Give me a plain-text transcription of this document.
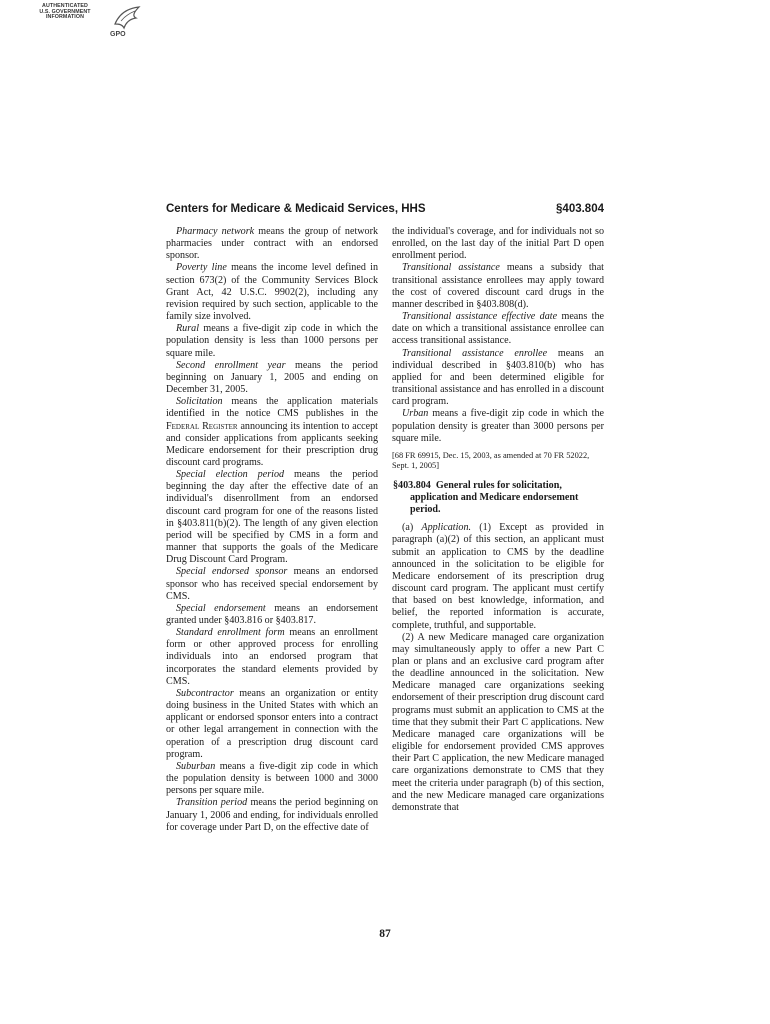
AUTHENTICATED
U.S. GOVERNMENT
INFORMATION
GPO
Centers for Medicare & Medicaid Services, HHS	§403.804

Pharmacy network means the group of network pharmacies under contract with an endorsed sponsor.

Poverty line means the income level defined in section 673(2) of the Community Services Block Grant Act, 42 U.S.C. 9902(2), including any revision required by such section, applicable to the family size involved.

Rural means a five-digit zip code in which the population density is less than 1000 persons per square mile.

Second enrollment year means the period beginning on January 1, 2005 and ending on December 31, 2005.

Solicitation means the application materials identified in the notice CMS publishes in the Federal Register announcing its intention to accept and consider applications from applicants seeking Medicare endorsement for their prescription drug discount card programs.

Special election period means the period beginning the day after the effective date of an individual's disenrollment from an endorsed discount card program for one of the reasons listed in §403.811(b)(2). The length of any given election period will be specified by CMS in a form and manner that supports the goals of the Medicare Drug Discount Card Program.

Special endorsed sponsor means an endorsed sponsor who has received special endorsement by CMS.

Special endorsement means an endorsement granted under §403.816 or §403.817.

Standard enrollment form means an enrollment form or other approved process for enrolling individuals into an endorsed program that incorporates the standard elements provided by CMS.

Subcontractor means an organization or entity doing business in the United States with which an applicant or endorsed sponsor enters into a contract or other legal arrangement in connection with the operation of a prescription drug discount card program.

Suburban means a five-digit zip code in which the population density is between 1000 and 3000 persons per square mile.

Transition period means the period beginning on January 1, 2006 and ending, for individuals enrolled for coverage under Part D, on the effective date of

the individual's coverage, and for individuals not so enrolled, on the last day of the initial Part D open enrollment period.

Transitional assistance means a subsidy that transitional assistance enrollees may apply toward the cost of covered discount card drugs in the manner described in §403.808(d).

Transitional assistance effective date means the date on which a transitional assistance enrollee can access transitional assistance.

Transitional assistance enrollee means an individual described in §403.810(b) who has applied for and been determined eligible for transitional assistance and has enrolled in a discount card program.

Urban means a five-digit zip code in which the population density is greater than 3000 persons per square mile.

[68 FR 69915, Dec. 15, 2003, as amended at 70 FR 52022, Sept. 1, 2005]

§403.804 General rules for solicitation, application and Medicare endorsement period.

(a) Application. (1) Except as provided in paragraph (a)(2) of this section, an applicant must submit an application to CMS by the deadline announced in the solicitation to be eligible for Medicare endorsement of its prescription drug discount card program. The applicant must certify that based on best knowledge, information, and belief, the reported information is accurate, complete, truthful, and supportable.

(2) A new Medicare managed care organization may simultaneously apply to offer a new Part C plan or plans and an exclusive card program after the deadline announced in the solicitation. New Medicare managed care organizations seeking endorsement of their prescription drug discount card programs must submit an application to CMS at the time that they submit their Part C applications. New Medicare managed care organizations will be eligible for endorsement provided CMS approves their Part C application, the new Medicare managed care organizations demonstrate to CMS that they meet the criteria under paragraph (b) of this section, and the new Medicare managed care organizations demonstrate that

87
